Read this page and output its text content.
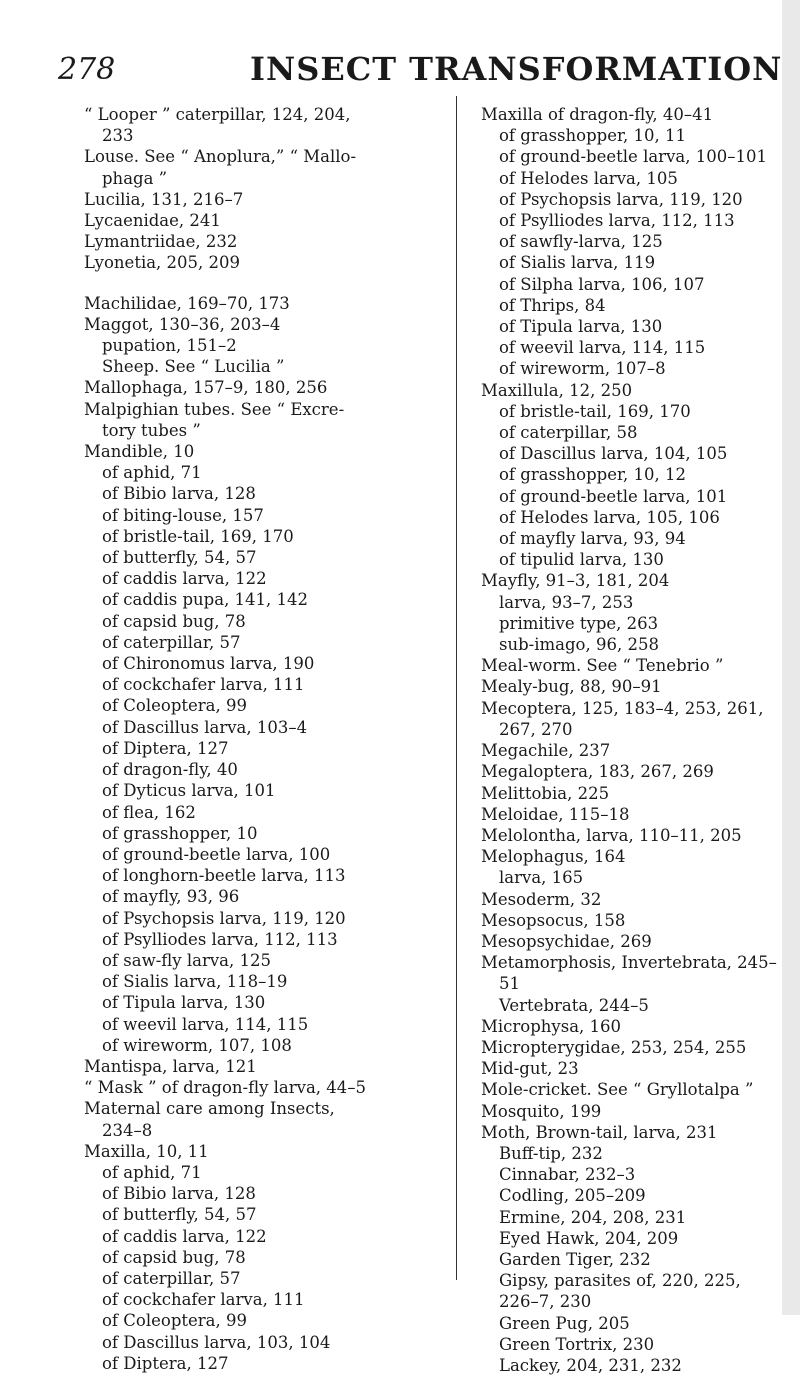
278	INSECT TRANSFORMATION
“ Looper ” caterpillar, 124, 204,
233
Louse. See “ Anoplura,” “ Mallo-
phaga ”
Lucilia, 131, 216–7
Lycaenidae, 241
Lymantriidae, 232
Lyonetia, 205, 209
Machilidae, 169–70, 173
Maggot, 130–36, 203–4
pupation, 151–2
Sheep. See “ Lucilia ”
Mallophaga, 157–9, 180, 256
Malpighian tubes. See “ Excre-
tory tubes ”
Mandible, 10
of aphid, 71
of Bibio larva, 128
of biting-louse, 157
of bristle-tail, 169, 170
of butterfly, 54, 57
of caddis larva, 122
of caddis pupa, 141, 142
of capsid bug, 78
of caterpillar, 57
of Chironomus larva, 190
of cockchafer larva, 111
of Coleoptera, 99
of Dascillus larva, 103–4
of Diptera, 127
of dragon-fly, 40
of Dyticus larva, 101
of flea, 162
of grasshopper, 10
of ground-beetle larva, 100
of longhorn-beetle larva, 113
of mayfly, 93, 96
of Psychopsis larva, 119, 120
of Psylliodes larva, 112, 113
of saw-fly larva, 125
of Sialis larva, 118–19
of Tipula larva, 130
of weevil larva, 114, 115
of wireworm, 107, 108
Mantispa, larva, 121
“ Mask ” of dragon-fly larva, 44–5
Maternal care among Insects,
234–8
Maxilla, 10, 11
of aphid, 71
of Bibio larva, 128
of butterfly, 54, 57
of caddis larva, 122
of capsid bug, 78
of caterpillar, 57
of cockchafer larva, 111
of Coleoptera, 99
of Dascillus larva, 103, 104
of Diptera, 127
Maxilla of dragon-fly, 40–41
of grasshopper, 10, 11
of ground-beetle larva, 100–101
of Helodes larva, 105
of Psychopsis larva, 119, 120
of Psylliodes larva, 112, 113
of sawfly-larva, 125
of Sialis larva, 119
of Silpha larva, 106, 107
of Thrips, 84
of Tipula larva, 130
of weevil larva, 114, 115
of wireworm, 107–8
Maxillula, 12, 250
of bristle-tail, 169, 170
of caterpillar, 58
of Dascillus larva, 104, 105
of grasshopper, 10, 12
of ground-beetle larva, 101
of Helodes larva, 105, 106
of mayfly larva, 93, 94
of tipulid larva, 130
Mayfly, 91–3, 181, 204
larva, 93–7, 253
primitive type, 263
sub-imago, 96, 258
Meal-worm. See “ Tenebrio ”
Mealy-bug, 88, 90–91
Mecoptera, 125, 183–4, 253, 261,
267, 270
Megachile, 237
Megaloptera, 183, 267, 269
Melittobia, 225
Meloidae, 115–18
Melolontha, larva, 110–11, 205
Melophagus, 164
larva, 165
Mesoderm, 32
Mesopsocus, 158
Mesopsychidae, 269
Metamorphosis, Invertebrata, 245–
51
Vertebrata, 244–5
Microphysa, 160
Micropterygidae, 253, 254, 255
Mid-gut, 23
Mole-cricket. See “ Gryllotalpa ”
Mosquito, 199
Moth, Brown-tail, larva, 231
Buff-tip, 232
Cinnabar, 232–3
Codling, 205–209
Ermine, 204, 208, 231
Eyed Hawk, 204, 209
Garden Tiger, 232
Gipsy, parasites of, 220, 225,
226–7, 230
Green Pug, 205
Green Tortrix, 230
Lackey, 204, 231, 232
